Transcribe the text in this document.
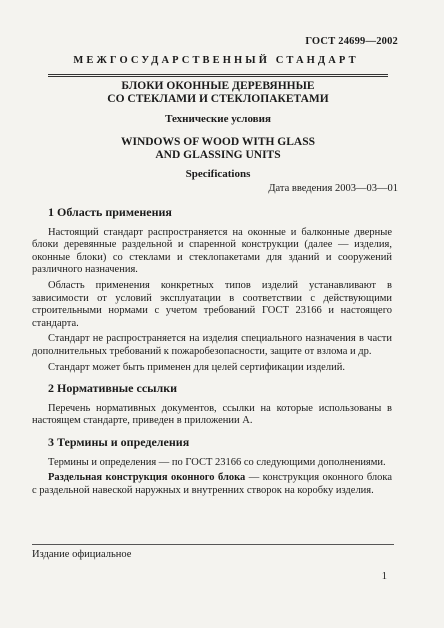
ГОСТ 24699—2002
МЕЖГОСУДАРСТВЕННЫЙ СТАНДАРТ
БЛОКИ ОКОННЫЕ ДЕРЕВЯННЫЕ
СО СТЕКЛАМИ И СТЕКЛОПАКЕТАМИ
Технические условия
WINDOWS OF WOOD WITH GLASS
AND GLASSING UNITS
Specifications
Дата введения 2003—03—01
1 Область применения

Настоящий стандарт распространяется на оконные и балконные дверные блоки деревянные раздельной и спаренной конструкции (далее — изделия, оконные блоки) со стеклами и стеклопакетами для зданий и сооружений различного назначения.

Область применения конкретных типов изделий устанавливают в зависимости от условий эксплуатации в соответствии с действующими строительными нормами с учетом требований ГОСТ 23166 и настоящего стандарта.

Стандарт не распространяется на изделия специального назначения в части дополнительных требований к пожаробезопасности, защите от взлома и др.

Стандарт может быть применен для целей сертификации изделий.

2 Нормативные ссылки

Перечень нормативных документов, ссылки на которые использованы в настоящем стандарте, приведен в приложении А.

3 Термины и определения

Термины и определения — по ГОСТ 23166 со следующими дополнениями.

Раздельная конструкция оконного блока — конструкция оконного блока с раздельной навеской наружных и внутренних створок на коробку изделия.

Издание официальное
1
